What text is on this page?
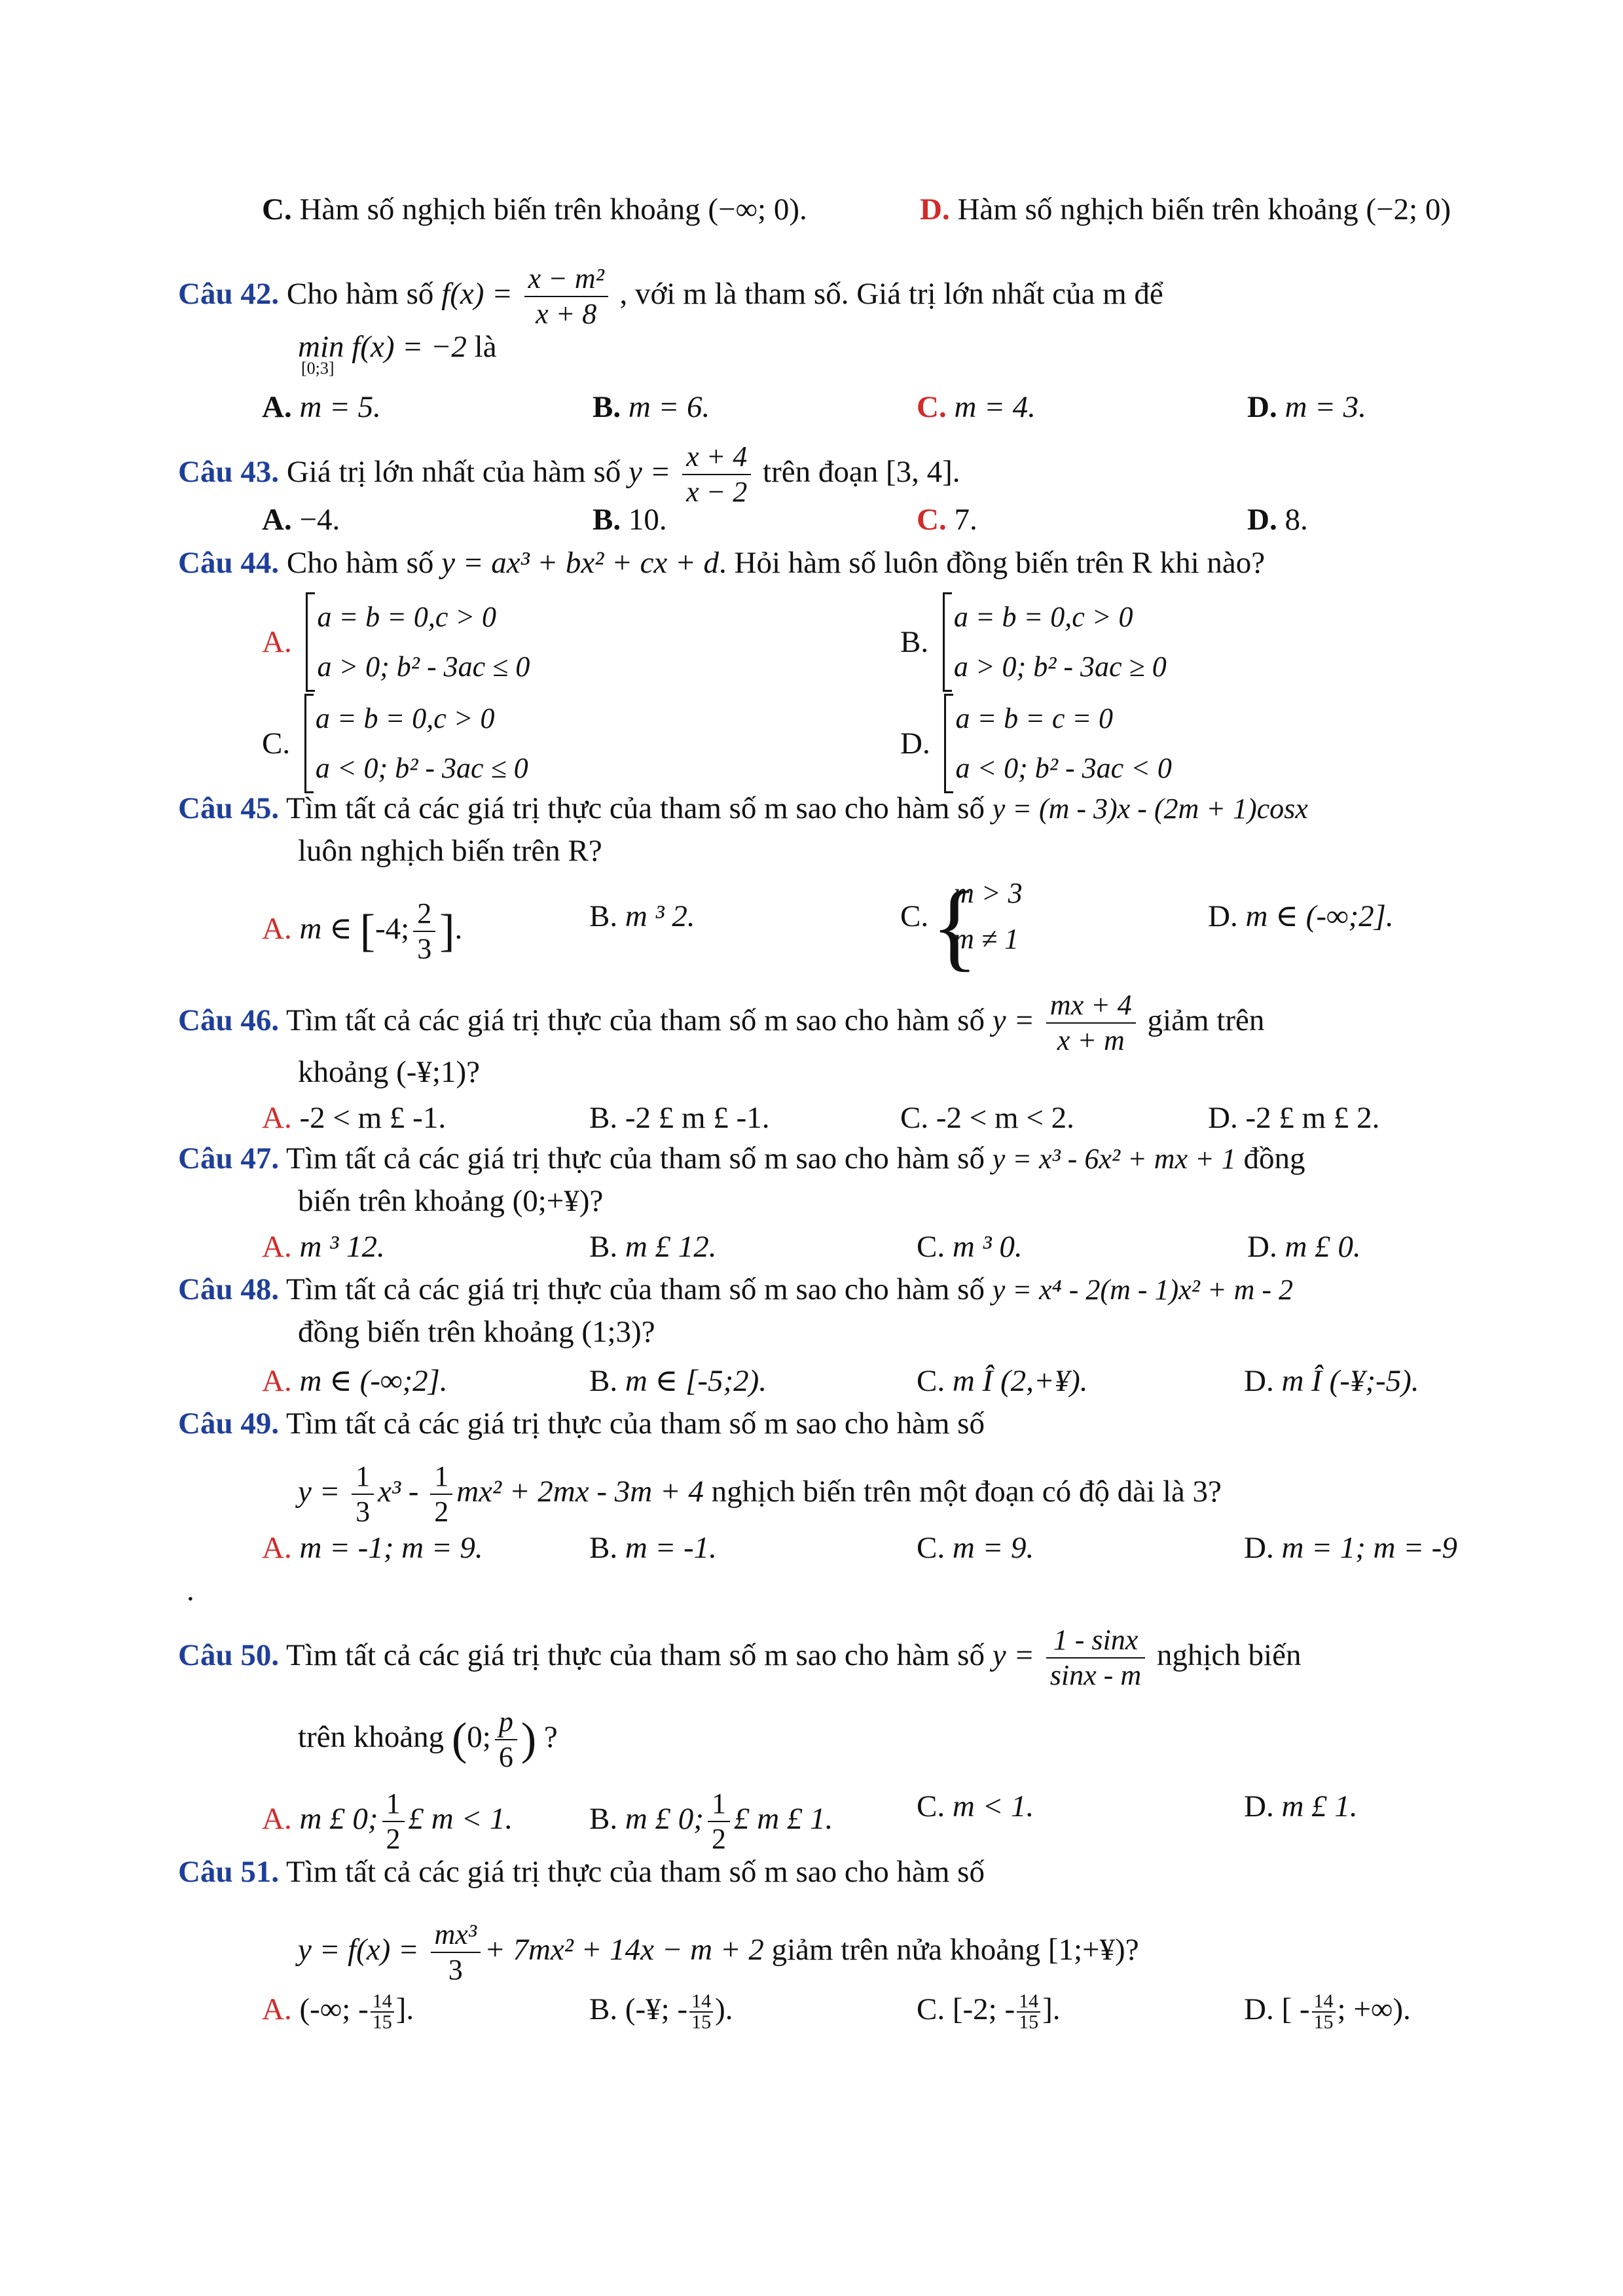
C. Hàm số nghịch biến trên khoảng (−∞; 0).	D. Hàm số nghịch biến trên khoảng (−2; 0)
Câu 42. Cho hàm số $f(x) = \frac{\text{x − m²}}{x + 8}$ , với m là tham số. Giá trị lớn nhất của m để
min f(x) = −2 là
[0;3]
A. m = 5.	B. m = 6.	C. m = 4.	D. m = 3.
Câu 43. Giá trị lớn nhất của hàm số $y = \frac{x + 4}{x - 2}$ trên đoạn [3, 4].
A. −4.	B. 10.	C. 7.	D. 8.
Câu 44. Cho hàm số y = ax³ + bx² + cx + d. Hỏi hàm số luôn đồng biến trên R khi nào?
A.
a = b = 0,c > 0
a > 0; b² - 3ac ≤ 0
B.
a = b = 0,c > 0
a > 0; b² - 3ac ≥ 0
C.
a = b = 0,c > 0
a < 0; b² - 3ac ≤ 0
D.
a = b = c = 0
a < 0; b² - 3ac < 0
Câu 45. Tìm tất cả các giá trị thực của tham số m sao cho hàm số y = (m - 3)x - (2m + 1)cosx
luôn nghịch biến trên R?
A. m ∈ [-4; $\frac{2}{3}$ ].	B. m ³ 2.	C.
{ m > 3
m ≠ 1
D. m ∈ (-∞;2].
Câu 46. Tìm tất cả các giá trị thực của tham số m sao cho hàm số $y = \frac{mx + 4}{x + m}$ giảm trên
khoảng (-¥;1)?
A. -2 < m £ -1.	B. -2 £ m £ -1.	C. -2 < m < 2.	D. -2 £ m £ 2.
Câu 47. Tìm tất cả các giá trị thực của tham số m sao cho hàm số y = x³ - 6x² + mx + 1 đồng
biến trên khoảng (0;+¥)?
A. m ³ 12.	B. m £ 12.	C. m ³ 0.	D. m £ 0.
Câu 48. Tìm tất cả các giá trị thực của tham số m sao cho hàm số y = x⁴ - 2(m - 1)x² + m - 2
đồng biến trên khoảng (1;3)?
A. m ∈ (-∞;2].	B. m ∈ [-5;2).	C. m Î (2,+¥).	D. m Î (-¥;-5).
Câu 49. Tìm tất cả các giá trị thực của tham số m sao cho hàm số
$y = \frac{1}{3} x^3 - \frac{1}{2} mx^2 + 2mx - 3m + 4$ nghịch biến trên một đoạn có độ dài là 3?
A. m = -1; m = 9.	B. m = -1.	C. m = 9.	D. m = 1; m = -9
.
Câu 50. Tìm tất cả các giá trị thực của tham số m sao cho hàm số $y = \frac{1 - \sin x}{\sin x - m}$ nghịch biến
trên khoảng (0; $\frac{p}{6}$ ) ?
A. m £ 0; $\frac{1}{2}$ £ m < 1. B. m £ 0; $\frac{1}{2}$ £ m £ 1.	C. m < 1.	D. m £ 1.
Câu 51. Tìm tất cả các giá trị thực của tham số m sao cho hàm số
$y = f(x) = \frac{\text{mx³}}{3} + 7mx^2 + 14x - m + 2$ giảm trên nửa khoảng [1;+¥)?
A. (-∞; - $\frac{14}{15}$ ].	B. (-¥; - $\frac{14}{15}$ ).	C. [-2; - $\frac{14}{15}$ ].	D. [ - $\frac{14}{15}$ ; +∞).
